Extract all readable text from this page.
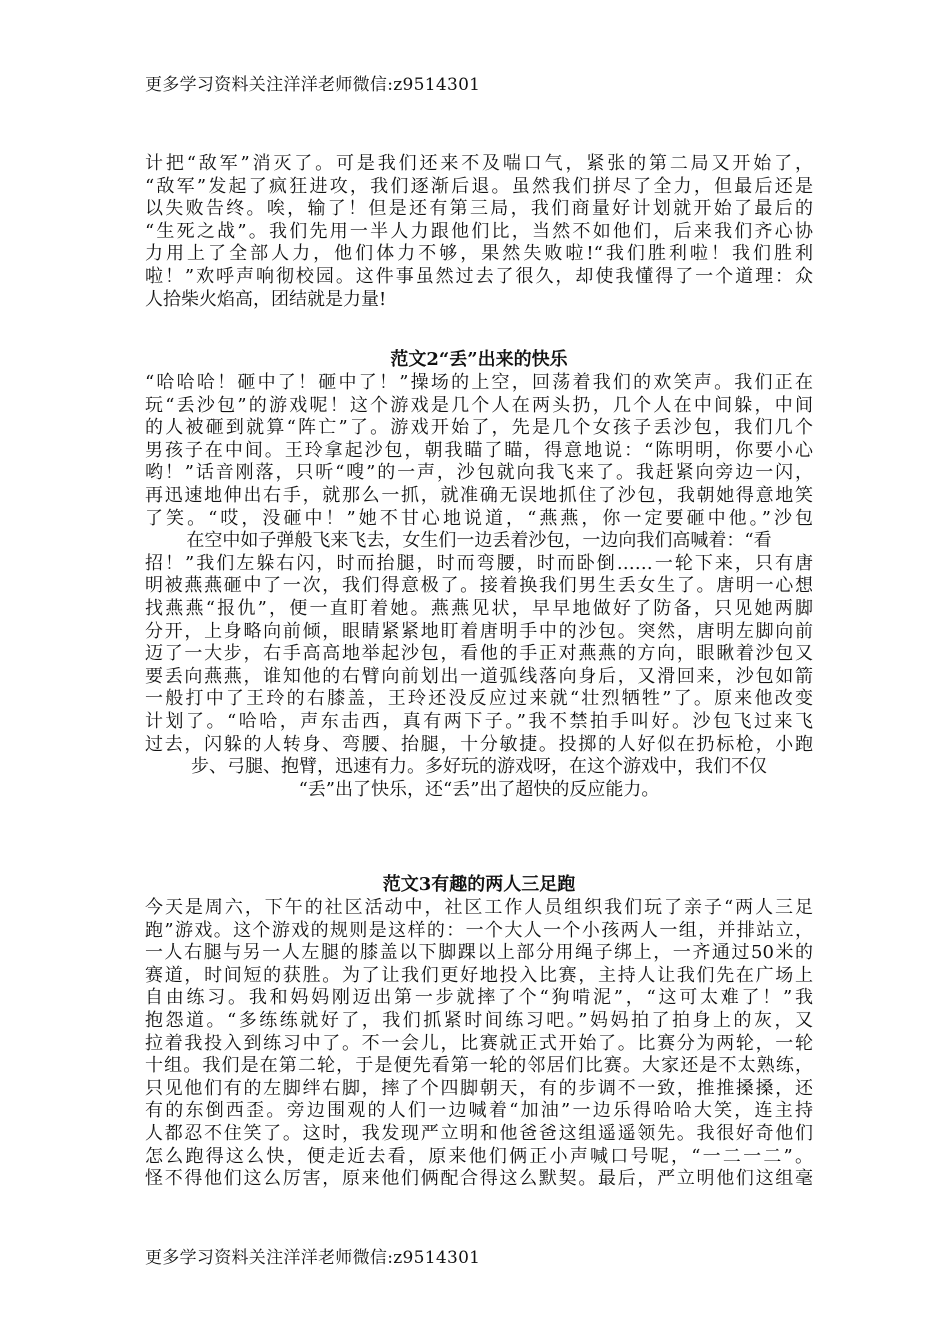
更多学习资料关注洋洋老师微信:z9514301
计把“敌军”消灭了。可是我们还来不及喘口气，紧张的第二局又开始了，
“敌军”发起了疯狂进攻，我们逐渐后退。虽然我们拼尽了全力，但最后还是
以失败告终。唉，输了！但是还有第三局，我们商量好计划就开始了最后的
“生死之战”。我们先用一半人力跟他们比，当然不如他们，后来我们齐心协
力用上了全部人力，他们体力不够，果然失败啦!“我们胜利啦！我们胜利
啦！”欢呼声响彻校园。这件事虽然过去了很久，却使我懂得了一个道理：众
人拾柴火焰高，团结就是力量!
范文2“丢”出来的快乐
“哈哈哈！砸中了！砸中了！”操场的上空，回荡着我们的欢笑声。我们正在
玩“丢沙包”的游戏呢！这个游戏是几个人在两头扔，几个人在中间躲，中间
的人被砸到就算“阵亡”了。游戏开始了，先是几个女孩子丢沙包，我们几个
男孩子在中间。王玲拿起沙包，朝我瞄了瞄，得意地说：“陈明明，你要小心
哟！”话音刚落，只听“嗖”的一声，沙包就向我飞来了。我赶紧向旁边一闪，
再迅速地伸出右手，就那么一抓，就准确无误地抓住了沙包，我朝她得意地笑
了笑。“哎，没砸中！”她不甘心地说道，“燕燕，你一定要砸中他。”沙包
在空中如子弹般飞来飞去，女生们一边丢着沙包，一边向我们高喊着：“看
招！”我们左躲右闪，时而抬腿，时而弯腰，时而卧倒……一轮下来，只有唐
明被燕燕砸中了一次，我们得意极了。接着换我们男生丢女生了。唐明一心想
找燕燕“报仇”，便一直盯着她。燕燕见状，早早地做好了防备，只见她两脚
分开，上身略向前倾，眼睛紧紧地盯着唐明手中的沙包。突然，唐明左脚向前
迈了一大步，右手高高地举起沙包，看他的手正对燕燕的方向，眼瞅着沙包又
要丢向燕燕，谁知他的右臂向前划出一道弧线落向身后，又滑回来，沙包如箭
一般打中了王玲的右膝盖，王玲还没反应过来就“壮烈牺牲”了。原来他改变
计划了。“哈哈，声东击西，真有两下子。”我不禁拍手叫好。沙包飞过来飞
过去，闪躲的人转身、弯腰、抬腿，十分敏捷。投掷的人好似在扔标枪，小跑
步、弓腿、抱臂，迅速有力。多好玩的游戏呀，在这个游戏中，我们不仅
“丢”出了快乐，还“丢”出了超快的反应能力。
范文3有趣的两人三足跑
今天是周六，下午的社区活动中，社区工作人员组织我们玩了亲子“两人三足
跑”游戏。这个游戏的规则是这样的：一个大人一个小孩两人一组，并排站立，
一人右腿与另一人左腿的膝盖以下脚踝以上部分用绳子绑上，一齐通过50米的
赛道，时间短的获胜。为了让我们更好地投入比赛，主持人让我们先在广场上
自由练习。我和妈妈刚迈出第一步就摔了个“狗啃泥”，“这可太难了！”我
抱怨道。“多练练就好了，我们抓紧时间练习吧。”妈妈拍了拍身上的灰，又
拉着我投入到练习中了。不一会儿，比赛就正式开始了。比赛分为两轮，一轮
十组。我们是在第二轮，于是便先看第一轮的邻居们比赛。大家还是不太熟练，
只见他们有的左脚绊右脚，摔了个四脚朝天，有的步调不一致，推推搡搡，还
有的东倒西歪。旁边围观的人们一边喊着“加油”一边乐得哈哈大笑，连主持
人都忍不住笑了。这时，我发现严立明和他爸爸这组遥遥领先。我很好奇他们
怎么跑得这么快，便走近去看，原来他们俩正小声喊口号呢，“一二一二”。
怪不得他们这么厉害，原来他们俩配合得这么默契。最后，严立明他们这组毫
更多学习资料关注洋洋老师微信:z9514301
